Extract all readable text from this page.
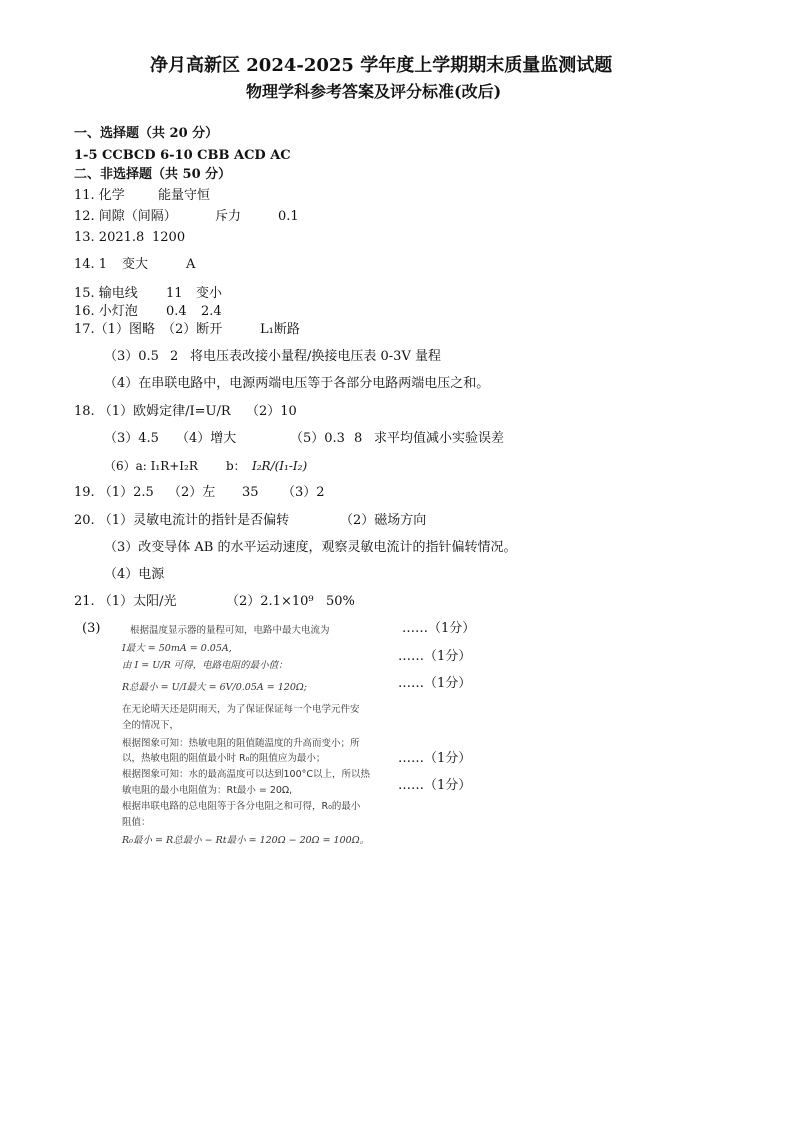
净月高新区 2024-2025 学年度上学期期末质量监测试题
物理学科参考答案及评分标准(改后)
一、选择题（共 20 分）
1-5 CCBCD 6-10 CBB ACD AC
二、非选择题（共 50 分）
11. 化学	能量守恒
12. 间隙（间隔）	斥力	0.1
13. 2021.8 1200
14. 1 变大	A
15. 输电线 11 变小
16. 小灯泡 0.4 2.4
17.（1）图略 （2）断开	L₁断路
（3）0.5 2 将电压表改接小量程/换接电压表 0-3V 量程
（4）在串联电路中，电源两端电压等于各部分电路两端电压之和。
18. （1）欧姆定律/I=U/R （2）10
（3）4.5 （4）增大	（5）0.3 8 求平均值减小实验误差
（6）a: I₁R+I₂R b： I₂R/(I₁-I₂)
19. （1）2.5 （2）左 35 （3）2
20. （1）灵敏电流计的指针是否偏转	（2）磁场方向
（3）改变导体 AB 的水平运动速度，观察灵敏电流计的指针偏转情况。
（4）电源
21. （1）太阳/光	（2）2.1×10⁹ 50%
(3)	根据温度显示器的量程可知，电路中最大电流为
I最大 = 50mA = 0.05A,
由 I = U/R 可得，电路电阻的最小值：
R总最小 = U/I最大 = 6V/0.05A = 120Ω;
在无论晴天还是阴雨天，为了保证保证每一个电学元件安
全的情况下，
根据图象可知：热敏电阻的阻值随温度的升高而变小；所
以，热敏电阻的阻值最小时 R₀的阻值应为最小；
根据图象可知：水的最高温度可以达到100°C以上，所以热
敏电阻的最小电阻值为：Rt最小 = 20Ω,
根据串联电路的总电阻等于各分电阻之和可得，R₀的最小
阻值：
R₀最小 = R总最小 − Rt最小 = 120Ω − 20Ω = 100Ω。
……（1分）
……（1分）
……（1分）
……（1分）
……（1分）
